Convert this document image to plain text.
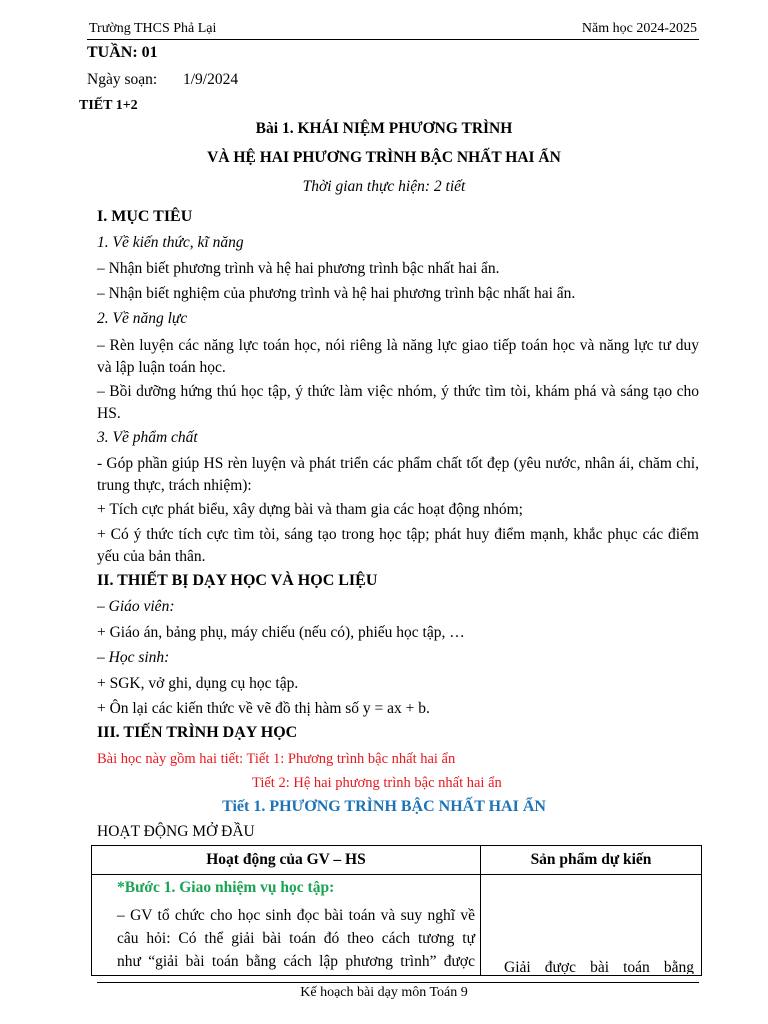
Trường THCS Phả Lại	Năm học 2024-2025
TUẦN: 01
Ngày soạn: 1/9/2024
TIẾT 1+2
Bài 1. KHÁI NIỆM PHƯƠNG TRÌNH
VÀ HỆ HAI PHƯƠNG TRÌNH BẬC NHẤT HAI ẨN
Thời gian thực hiện: 2 tiết
I. MỤC TIÊU
1. Về kiến thức, kĩ năng
– Nhận biết phương trình và hệ hai phương trình bậc nhất hai ẩn.
– Nhận biết nghiệm của phương trình và hệ hai phương trình bậc nhất hai ẩn.
2. Về năng lực
– Rèn luyện các năng lực toán học, nói riêng là năng lực giao tiếp toán học và năng lực tư duy và lập luận toán học.
– Bồi dưỡng hứng thú học tập, ý thức làm việc nhóm, ý thức tìm tòi, khám phá và sáng tạo cho HS.
3. Về phẩm chất
- Góp phần giúp HS rèn luyện và phát triển các phẩm chất tốt đẹp (yêu nước, nhân ái, chăm chỉ, trung thực, trách nhiệm):
+ Tích cực phát biểu, xây dựng bài và tham gia các hoạt động nhóm;
+ Có ý thức tích cực tìm tòi, sáng tạo trong học tập; phát huy điểm mạnh, khắc phục các điểm yếu của bản thân.
II. THIẾT BỊ DẠY HỌC VÀ HỌC LIỆU
– Giáo viên:
+ Giáo án, bảng phụ, máy chiếu (nếu có), phiếu học tập, …
– Học sinh:
+ SGK, vở ghi, dụng cụ học tập.
+ Ôn lại các kiến thức về vẽ đồ thị hàm số y = ax + b.
III. TIẾN TRÌNH DẠY HỌC
Bài học này gồm hai tiết: Tiết 1: Phương trình bậc nhất hai ẩn
Tiết 2: Hệ hai phương trình bậc nhất hai ẩn
Tiết 1. PHƯƠNG TRÌNH BẬC NHẤT HAI ẨN
HOẠT ĐỘNG MỞ ĐẦU
Hoạt động của GV – HS	Sản phẩm dự kiến

*Bước 1. Giao nhiệm vụ học tập:
– GV tổ chức cho học sinh đọc bài toán và suy nghĩ về
câu hỏi: Có thể giải bài toán đó theo cách tương tự
như “giải bài toán bằng cách lập phương trình” được	Giải được bài toán bằng
Kế hoạch bài dạy môn Toán 9
